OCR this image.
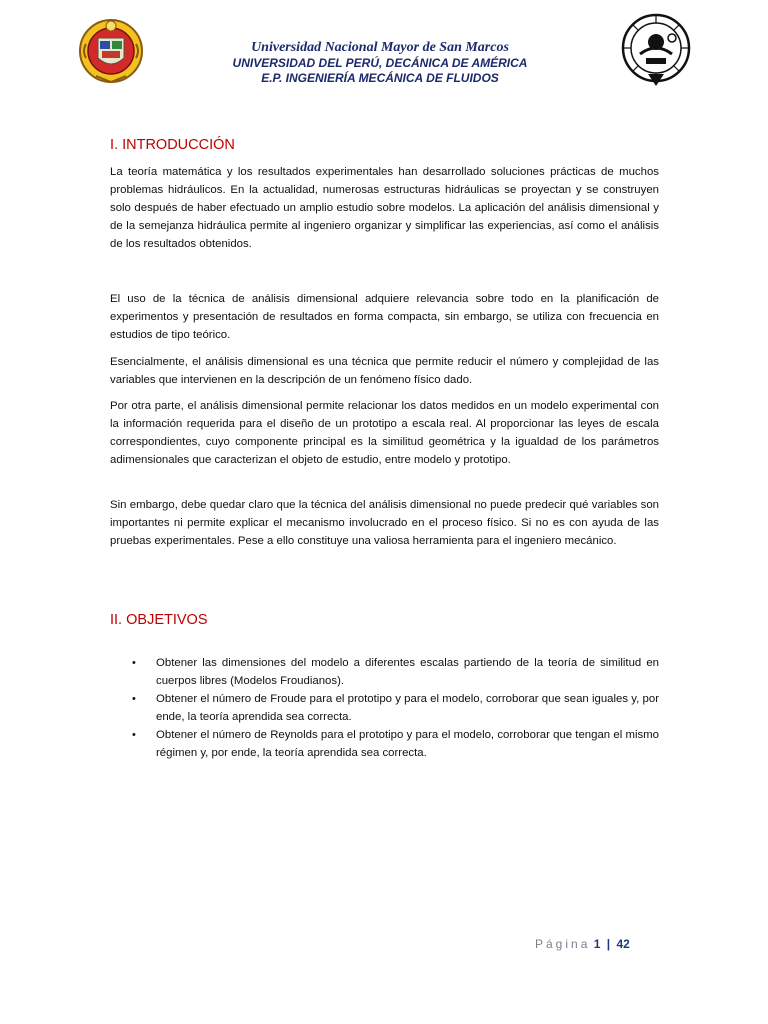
Universidad Nacional Mayor de San Marcos
UNIVERSIDAD DEL PERÚ, DECÁNICA DE AMÉRICA
E.P. INGENIERÍA MECÁNICA DE FLUIDOS
I. INTRODUCCIÓN

La teoría matemática y los resultados experimentales han desarrollado soluciones prácticas de muchos problemas hidráulicos. En la actualidad, numerosas estructuras hidráulicas se proyectan y se construyen solo después de haber efectuado un amplio estudio sobre modelos. La aplicación del análisis dimensional y de la semejanza hidráulica permite al ingeniero organizar y simplificar las experiencias, así como el análisis de los resultados obtenidos.

El uso de la técnica de análisis dimensional adquiere relevancia sobre todo en la planificación de experimentos y presentación de resultados en forma compacta, sin embargo, se utiliza con frecuencia en estudios de tipo teórico.

Esencialmente, el análisis dimensional es una técnica que permite reducir el número y complejidad de las variables que intervienen en la descripción de un fenómeno físico dado.

Por otra parte, el análisis dimensional permite relacionar los datos medidos en un modelo experimental con la información requerida para el diseño de un prototipo a escala real. Al proporcionar las leyes de escala correspondientes, cuyo componente principal es la similitud geométrica y la igualdad de los parámetros adimensionales que caracterizan el objeto de estudio, entre modelo y prototipo.

Sin embargo, debe quedar claro que la técnica del análisis dimensional no puede predecir qué variables son importantes ni permite explicar el mecanismo involucrado en el proceso físico. Si no es con ayuda de las pruebas experimentales. Pese a ello constituye una valiosa herramienta para el ingeniero mecánico.

II. OBJETIVOS
• Obtener las dimensiones del modelo a diferentes escalas partiendo de la teoría de similitud en cuerpos libres (Modelos Froudianos).
• Obtener el número de Froude para el prototipo y para el modelo, corroborar que sean iguales y, por ende, la teoría aprendida sea correcta.
• Obtener el número de Reynolds para el prototipo y para el modelo, corroborar que tengan el mismo régimen y, por ende, la teoría aprendida sea correcta.
Página 1 | 42
